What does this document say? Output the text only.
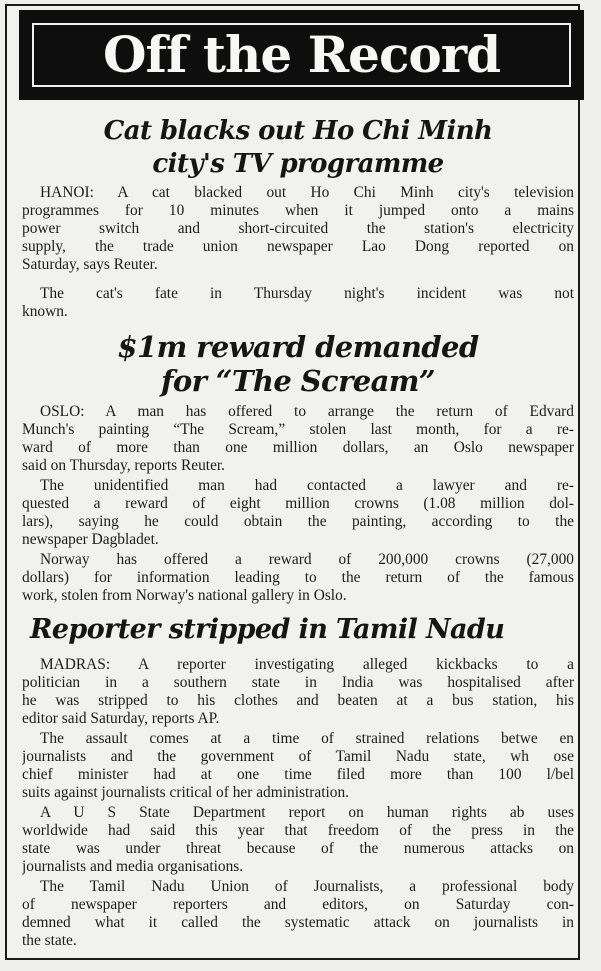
Off the Record
Cat blacks out Ho Chi Minh
city's TV programme
HANOI: A cat blacked out Ho Chi Minh city's television
programmes for 10 minutes when it jumped onto a mains
power switch and short-circuited the station's electricity
supply, the trade union newspaper Lao Dong reported on
Saturday, says Reuter.
The cat's fate in Thursday night's incident was not
known.
$1m reward demanded
for “The Scream”
OSLO: A man has offered to arrange the return of Edvard
Munch's painting “The Scream,” stolen last month, for a re-
ward of more than one million dollars, an Oslo newspaper
said on Thursday, reports Reuter.
The unidentified man had contacted a lawyer and re-
quested a reward of eight million crowns (1.08 million dol-
lars), saying he could obtain the painting, according to the
newspaper Dagbladet.
Norway has offered a reward of 200,000 crowns (27,000
dollars) for information leading to the return of the famous
work, stolen from Norway's national gallery in Oslo.
Reporter stripped in Tamil Nadu
MADRAS: A reporter investigating alleged kickbacks to a
politician in a southern state in India was hospitalised after
he was stripped to his clothes and beaten at a bus station, his
editor said Saturday, reports AP.
The assault comes at a time of strained relations betwe en
journalists and the government of Tamil Nadu state, wh ose
chief minister had at one time filed more than 100 l/bel
suits against journalists critical of her administration.
A U S State Department report on human rights ab uses
worldwide had said this year that freedom of the press in the
state was under threat because of the numerous attacks on
journalists and media organisations.
The Tamil Nadu Union of Journalists, a professional body
of newspaper reporters and editors, on Saturday con-
demned what it called the systematic attack on journalists in
the state.
